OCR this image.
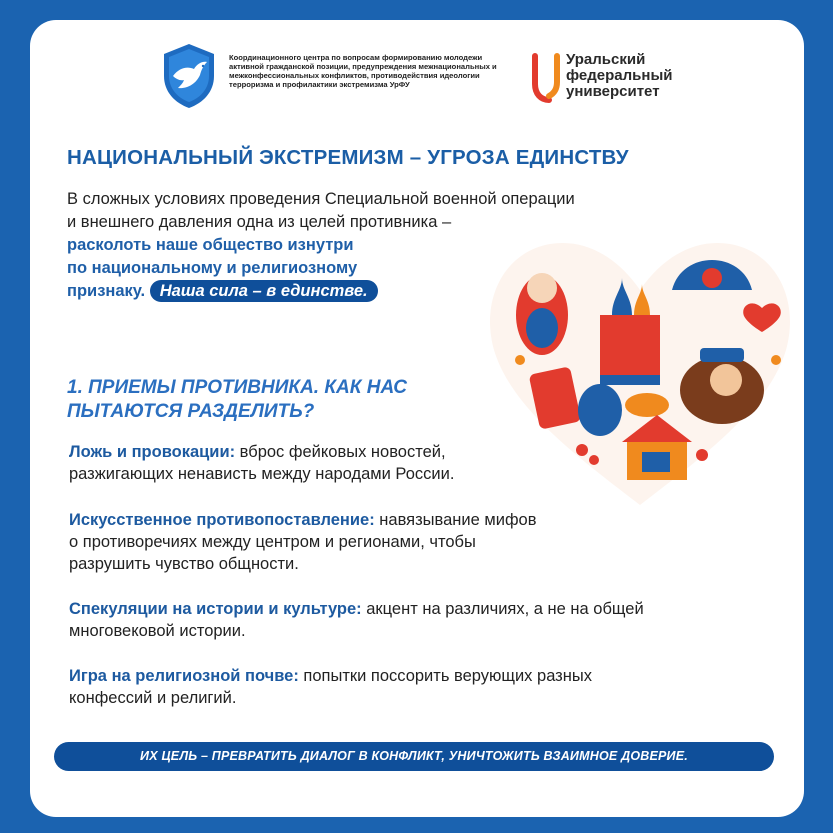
Координационного центра по вопросам формированию молодежи активной гражданской позиции, предупреждения межнациональных и межконфессиональных конфликтов, противодействия идеологии терроризма и профилактики экстремизма УрФУ
Уральский
федеральный
университет
НАЦИОНАЛЬНЫЙ ЭКСТРЕМИЗМ – УГРОЗА ЕДИНСТВУ
В сложных условиях проведения Специальной военной операции
и внешнего давления одна из целей противника –
расколоть наше общество изнутри
по национальному и религиозному
признаку. Наша сила – в единстве.
1. ПРИЕМЫ ПРОТИВНИКА. КАК НАС
ПЫТАЮТСЯ РАЗДЕЛИТЬ?
Ложь и провокации: вброс фейковых новостей,
разжигающих ненависть между народами России.
Искусственное противопоставление: навязывание мифов
о противоречиях между центром и регионами, чтобы
разрушить чувство общности.
Спекуляции на истории и культуре: акцент на различиях, а не на общей
многовековой истории.
Игра на религиозной почве: попытки поссорить верующих разных
конфессий и религий.
ИХ ЦЕЛЬ – ПРЕВРАТИТЬ ДИАЛОГ В КОНФЛИКТ, УНИЧТОЖИТЬ ВЗАИМНОЕ ДОВЕРИЕ.
